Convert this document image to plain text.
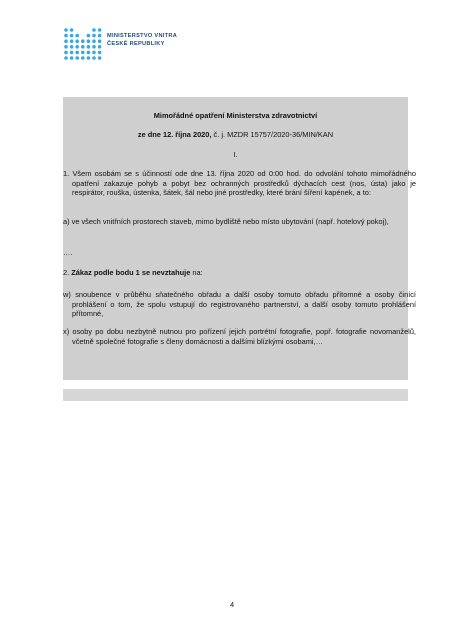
MINISTERSTVO VNITRA
ČESKÉ REPUBLIKY
Mimořádné opatření Ministerstva zdravotnictví
ze dne 12. října 2020, č. j. MZDR 15757/2020-36/MIN/KAN
I.
1. Všem osobám se s účinností ode dne 13. října 2020 od 0:00 hod. do odvolání tohoto mimořádného opatření zakazuje pohyb a pobyt bez ochranných prostředků dýchacích cest (nos, ústa) jako je respirátor, rouška, ústenka, šátek, šál nebo jiné prostředky, které brání šíření kapének, a to:
a) ve všech vnitřních prostorech staveb, mimo bydliště nebo místo ubytování (např. hotelový pokoj),
….
2. Zákaz podle bodu 1 se nevztahuje na:
w) snoubence v průběhu sňatečného obřadu a další osoby tomuto obřadu přítomné a osoby činící prohlášení o tom, že spolu vstupují do registrovaného partnerství, a další osoby tomuto prohlášení přítomné,
x) osoby po dobu nezbytně nutnou pro pořízení jejich portrétní fotografie, popř. fotografie novomanželů, včetně společné fotografie s členy domácnosti a dalšími blízkými osobami,…
4
